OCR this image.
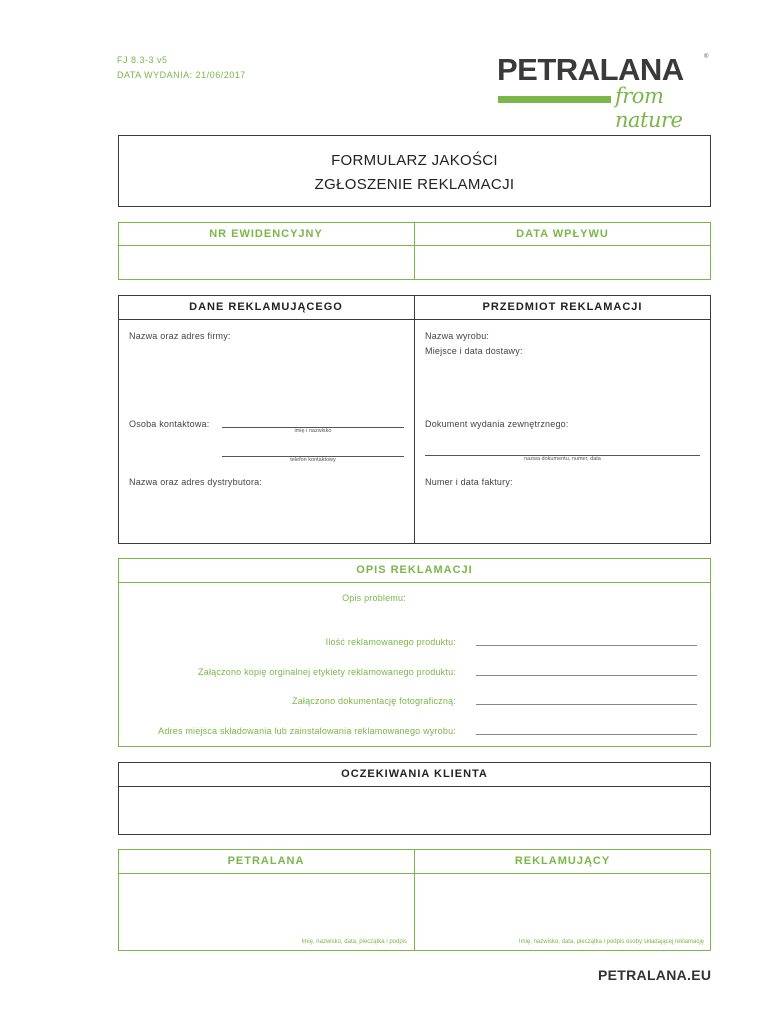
FJ 8.3-3 v5
DATA WYDANIA: 21/06/2017	PETRALANA	®
from nature
FORMULARZ JAKOŚCI
ZGŁOSZENIE REKLAMACJI
NR EWIDENCYJNY	DATA WPŁYWU
DANE REKLAMUJĄCEGO	PRZEDMIOT REKLAMACJI
Nazwa oraz adres firmy:
Osoba kontaktowa:
imię i nazwisko
telefon kontaktowy
Nazwa oraz adres dystrybutora:
Nazwa wyrobu:
Miejsce i data dostawy:
Dokument wydania zewnętrznego:
nazwa dokumentu, numer, data
Numer i data faktury:
OPIS REKLAMACJI
Opis problemu:
Ilość reklamowanego produktu:
Załączono kopię orginalnej etykiety reklamowanego produktu:
Załączono dokumentację fotograficzną:
Adres miejsca składowania lub zainstalowania reklamowanego wyrobu:
OCZEKIWANIA KLIENTA
PETRALANA	REKLAMUJĄCY
Imię, nazwisko, data, pieczątka i podpis	Imię, nazwisko, data, pieczątka i podpis osoby składającej reklamację
PETRALANA.EU
